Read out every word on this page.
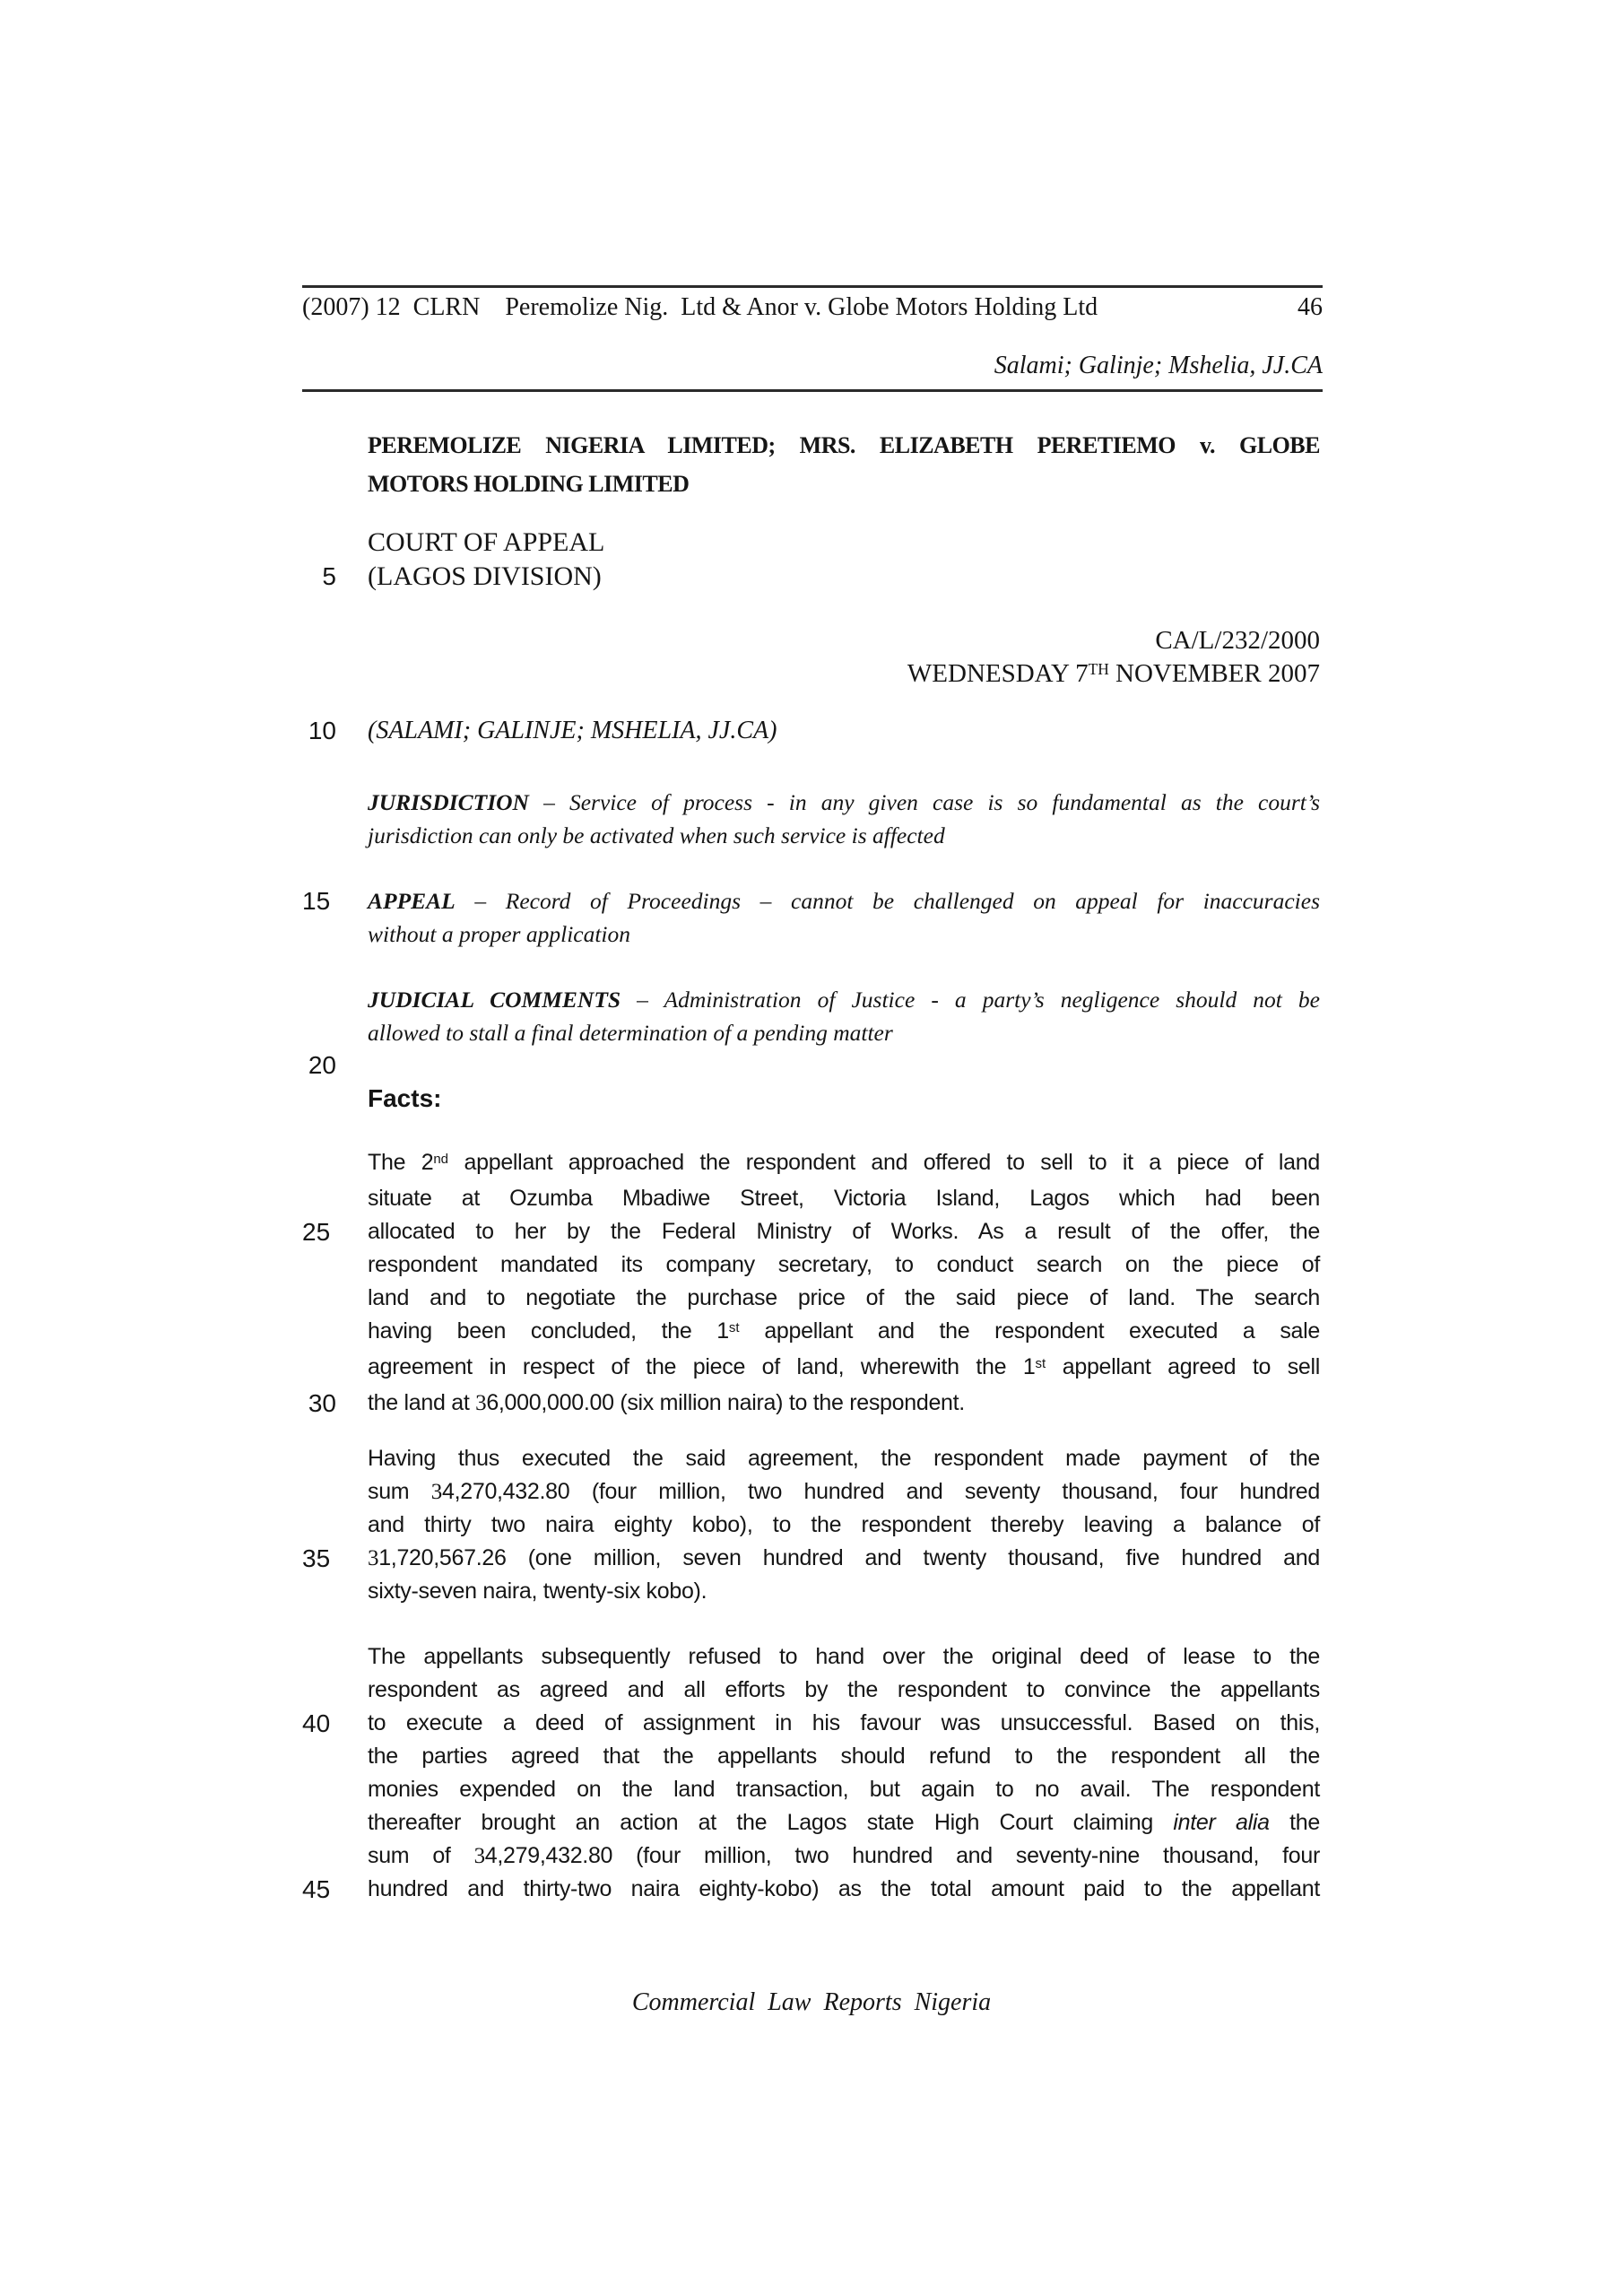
(2007) 12  CLRN    Peremolize Nig.  Ltd & Anor v. Globe Motors Holding Ltd	46
Salami; Galinje; Mshelia, JJ.CA
PEREMOLIZE NIGERIA LIMITED; MRS. ELIZABETH PERETIEMO v. GLOBE
MOTORS HOLDING LIMITED
COURT OF APPEAL
5 (LAGOS DIVISION)
CA/L/232/2000
WEDNESDAY 7TH NOVEMBER 2007
10 (SALAMI; GALINJE; MSHELIA, JJ.CA)
JURISDICTION – Service of process - in any given case is so fundamental as the court’s
jurisdiction can only be activated when such service is affected
15 APPEAL – Record of Proceedings – cannot be challenged on appeal for inaccuracies
without a proper application
JUDICIAL COMMENTS – Administration of Justice - a party’s negligence should not be
allowed to stall a final determination of a pending matter
20

Facts:
The 2nd appellant approached the respondent and offered to sell to it a piece of land
situate at Ozumba Mbadiwe Street, Victoria Island, Lagos which had been
25 allocated to her by the Federal Ministry of Works. As a result of the offer, the
respondent mandated its company secretary, to conduct search on the piece of
land and to negotiate the purchase price of the said piece of land. The search
having been concluded, the 1st appellant and the respondent executed a sale
agreement in respect of the piece of land, wherewith the 1st appellant agreed to sell
30 the land at 36,000,000.00 (six million naira) to the respondent.
Having thus executed the said agreement, the respondent made payment of the
sum 34,270,432.80 (four million, two hundred and seventy thousand, four hundred
and thirty two naira eighty kobo), to the respondent thereby leaving a balance of
35 31,720,567.26 (one million, seven hundred and twenty thousand, five hundred and
sixty-seven naira, twenty-six kobo).
The appellants subsequently refused to hand over the original deed of lease to the
respondent as agreed and all efforts by the respondent to convince the appellants
40 to execute a deed of assignment in his favour was unsuccessful. Based on this,
the parties agreed that the appellants should refund to the respondent all the
monies expended on the land transaction, but again to no avail. The respondent
thereafter brought an action at the Lagos state High Court claiming inter alia the
sum of 34,279,432.80 (four million, two hundred and seventy-nine thousand, four
45 hundred and thirty-two naira eighty-kobo) as the total amount paid to the appellant
Commercial Law Reports Nigeria
